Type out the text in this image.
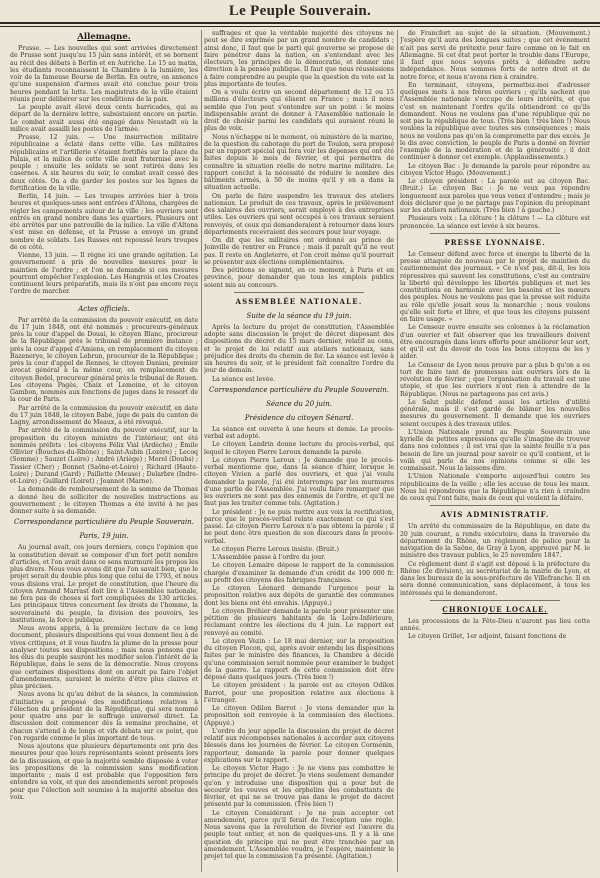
Le Peuple Souverain.
Allemagne.

Prusse. — Les nouvelles qui sont arrivées directement de Prusse sont jusqu'au 15 juin sans intérêt, et se bornent au récit des débats à Berlin et en Autriche. Le 15 au matin, les étudiants reconnaissent la Chambre à la lumière, les voir de la fameuse Bourse de Berlin. En outre, on annonce qu'une suspension d'armes avait été conclue pour trois heures pendant la lutte. Les magistrats de la ville étaient réunis pour délibérer sur les conditions de la paix.

Le peuple avait élevé deux cents barricades, qui au départ de la dernière lettre, subsistaient encore en partie. Le combat avait aussi été engagé dans Neustadt où la milice avait assailli les postes de l'armée.

Prusse, 12 juin. — Une insurrection militaire républicaine a éclaté dans cette ville. Les militaires républicains et l'artillerie s'étaient fortifiés sur la place du Palais, et la milice de cette ville avait fraternisé avec le peuple ; ensuite les soldats se sont retirés dans les casernes. A six heures du soir, le combat avait cessé des deux côtés. On a du garder les postes sur les lignes de fortification de la ville.

Berlin, 14 juin. — Les troupes arrivées hier à trois heures et quelques-unes sont entrées d'Altona, chargées de régler les campements autour de la ville ; les ouvriers sont entrés en grand nombre dans les quartiers. Plusieurs ont été arrêtés par une patrouille de la milice. La ville d'Altona s'est mise en défense, et la Prusse a envoyé un grand nombre de soldats. Les Russes ont repoussé leurs troupes de ce côté.

Vienne, 13 juin. — Il règne ici une grande agitation. Le gouvernement a pris de nouvelles mesures pour le maintien de l'ordre ; et l'on se demande si ces mesures pourront empêcher l'explosion. Les Hongrois et les Croates continuent leurs préparatifs, mais ils n'ont pas encore reçu l'ordre de marcher.

Actes officiels.

Par arrêté de la commission du pouvoir exécutif, en date du 17 juin 1848, ont été nommés : procureurs-généraux près la cour d'appel de Douai, le citoyen Blanc, procureur de la République près le tribunal de première instance ; près la cour d'appel d'Amiens, en remplacement du citoyen Bazenerye, le citoyen Lebrun, procureur de la République ; près la cour d'appel de Rennes, le citoyen Daniau, premier avocat général à la même cour, en remplacement du citoyen Bedel, procureur général près le tribunal de Rouen. Les citoyens Pagès, Chaix et Lemoine, et le citoyen Gambon, nommés aux fonctions de juges dans le ressort de la cour de Paris.

Par arrêté de la commission du pouvoir exécutif, en date du 17 juin 1848, le citoyen Babé, juge de paix du canton de Lagny, arrondissement de Meaux, a été révoqué.

Par arrêté de la commission du pouvoir exécutif, sur la proposition du citoyen ministre de l'intérieur, ont été nommés préfets : les citoyens Félix Vial (Ardèche) ; Émile Ollivier (Bouches-du-Rhône) ; Saint-Aubin (Lozère) ; Lecoq (Somme) ; Sauzet (Loire) ; André (Ariège) ; Morel (Doubs) ; Tissier (Cher) ; Bonnet (Saône-et-Loire) ; Richard (Haute-Loire) ; Durand (Gard) ; Paillette (Meuse) ; Delarbre (Indre-et-Loire) ; Guillard (Loiret) ; Jeannot (Marne).

La demande de remboursement de la somme de Thomas a donné lieu de solliciter de nouvelles instructions au gouvernement ; le citoyen Thomas a été invité à ne pas donner suite à sa demande.

Correspondance particulière du Peuple Souverain.
Paris, 19 juin.

Au journal avait, ces jours derniers, conçu l'opinion que la constitution devait se composer d'un fort petit nombre d'articles, et l'on avait dans ce sens murmuré les propos les plus divers. Nous vous avons dit que l'on savait bien, que le projet serait du double plus long que celui de 1793, et nous vous disions vrai. Le projet de constitution, que l'heure du citoyen Armand Marrast doit lire à l'Assemblée nationale, ne fera pas de choses si fort compliquées de 130 articles. Les principaux titres concernent les droits de l'homme, la souveraineté du peuple, la division des pouvoirs, les institutions, la force publique.

Nous avons appris, à la première lecture de ce long document, plusieurs dispositions qui vous donnent lieu à de vives critiques, et il vous faudra la plume de la presse pour analyser toutes ses dispositions ; mais nous pensons que les élus du peuple sauront les modifier selon l'intérêt de la République, dans le sens de la démocratie. Nous croyons que certaines dispositions dont on aurait pu faire l'objet d'amendements, auraient le mérite d'être plus claires et plus précises.

Nous avons lu qu'au début de la séance, la commission d'initiative a proposé des modifications relatives à l'élection du président de la République, qui sera nommé pour quatre ans par le suffrage universel direct. La discussion doit commencer dès la semaine prochaine, et chacun s'attend à de longs et vifs débats sur ce point, que l'on regarde comme le plus important de tous.

Nous ajoutons que plusieurs départements ont pris des mesures pour que leurs représentants soient présents lors de la discussion, et que la majorité semble disposée à voter les propositions de la commission sans modification importante ; mais il est probable que l'opposition fera entendre sa voix, et que des amendements seront proposés pour que l'élection soit soumise à la majorité absolue des voix.

suffrages et que la véritable majorité des citoyens ne peut se dire exprimée par un grand nombre de candidats ; ainsi donc, il faut que le parti qui gouverne se propose de faire pénétrer dans la nation, en s'entendant avec les électeurs, les principes de la démocratie, et donner une direction à la pensée publique. Il faut que nous réussissions à faire comprendre au peuple que la question du vote est la plus importante de toutes.

On a voulu écrire un second département de 12 ou 15 millions d'électeurs qui élisent en France ; mais il nous semble que l'on peut s'entendre sur un point : le moins indispensable avant de donner à l'Assemblée nationale le droit de choisir parmi les candidats qui auraient réuni le plus de voix.

Nous n'échappe ni le moment, où ministère de la marine, de la question du cabotage du port de Toulon, sera proposé par un rapport spécial qui fera voir les dépenses qui ont été faites depuis le mois de février, et qui permettra de connaître la situation réelle de notre marine militaire. Le rapport conclut à la nécessité de réduire le nombre des bâtiments armés, à 50 de moins qu'il y en a dans la situation actuelle.

On parle de faire suspendre les travaux des ateliers nationaux. Le produit de ces travaux, après le prélèvement des salaires des ouvriers, serait employé à des entreprises utiles. Les ouvriers qui sont occupés à ces travaux seraient renvoyés, et ceux qui demanderaient à retourner dans leurs départements recevraient des secours pour leur voyage.

On dit que les militaires ont ordonné au prince de Joinville de rentrer en France ; mais il paraît qu'il ne veut pas. Il reste en Angleterre, et l'on croit même qu'il pourrait se présenter aux élections complémentaires.

Des pétitions se signent, en ce moment, à Paris et en province, pour demander que tous les emplois publics soient mis au concours.

ASSEMBLÉE NATIONALE.
Suite de la séance du 19 juin.

Après la lecture du projet de constitution, l'Assemblée adopte sans discussion le projet de décret disposant des dispositions du décret du 15 mars dernier, relatif au cens, et le projet de loi relatif aux ateliers nationaux, sans préjudice des droits du chemin de fer. La séance est levée à six heures du soir, et le président fait connaître l'ordre du jour de demain.

La séance est levée.

Correspondance particulière du Peuple Souverain.
Séance du 20 juin.
Présidence du citoyen Sénard.

La séance est ouverte à une heure et demie. Le procès-verbal est adopté.

Le citoyen Landrin donne lecture du procès-verbal, qui lequel le citoyen Pierre Leroux demande la parole.

Le citoyen Pierre Leroux : Je demande que le procès-verbal mentionne que, dans la séance d'hier, lorsque le citoyen Vivien a parlé des ouvriers, et que j'ai voulu demander la parole, j'ai été interrompu par les murmures d'une partie de l'Assemblée. J'ai voulu faire remarquer que les ouvriers ne sont pas des ennemis de l'ordre, et qu'il ne faut pas les traiter comme tels. (Agitation.)

Le président : Je ne puis mettre aux voix la rectification, parce que le procès-verbal relate exactement ce qui s'est passé. Le citoyen Pierre Leroux n'a pas obtenu la parole ; il ne peut donc être question de son discours dans le procès-verbal.

Le citoyen Pierre Leroux insiste. (Bruit.)

L'Assemblée passe à l'ordre du jour.

Le citoyen Lemaire dépose le rapport de la commission chargée d'examiner la demande d'un crédit de 100 000 fr. au profit des citoyens des fabriques françaises.

Le citoyen Léonard demande l'urgence pour la proposition relative aux dépôts de garantie des communes dont les biens ont été envahis. (Appuyé.)

Le citoyen Bréhier demande la parole pour présenter une pétition de plusieurs habitants de la Loire-Inférieure, réclamant contre les élections du 4 juin. Le rapport est renvoyé au comité.

Le citoyen Vezin : Le 18 mai dernier, sur la proposition du citoyen Flocon, qui, après avoir entendu les dispositions faites par le ministre des finances, la Chambre a décidé qu'une commission serait nommée pour examiner le budget de la guerre. Le rapport de cette commission doit être déposé dans quelques jours. (Très bien !)

Le citoyen président : la parole est au citoyen Odilon Barrot, pour une proposition relative aux élections à l'étranger.

Le citoyen Odilon Barrot : Je viens demander que la proposition soit renvoyée à la commission des élections. (Appuyé.)

L'ordre du jour appelle la discussion du projet de décret relatif aux récompenses nationales à accorder aux citoyens blessés dans les journées de février. Le citoyen Cormenin, rapporteur, demande la parole pour donner quelques explications sur le rapport.

Le citoyen Victor Hugo : Je ne viens pas combattre le principe du projet de décret. Je viens seulement demander qu'on y introduise une disposition qui a pour but de secourir les veuves et les orphelins des combattants de février, et qui ne se trouve pas dans le projet de décret présenté par la commission. (Très bien !)

Le citoyen Considérant : Je ne puis accepter cet amendement, parce qu'il ferait de l'exception une règle. Nous savons que la révolution de février est l'œuvre du peuple tout entier, et non de quelques-uns. Il y a là une question de principe qui ne peut être tranchée par un amendement. L'Assemblée voudra, je l'espère, maintenir le projet tel que la commission l'a présenté. (Agitation.)

de Francfort au sujet de la situation. (Mouvement.) J'espère qu'il aura des longues suites ; que cet événement n'ait pas servi de prétexte pour faire comme on le fait en Allemagne. Si cet état peut porter le trouble dans l'Europe, il faut que nous soyons prêts à défendre notre indépendance. Nous sommes forts de notre droit et de notre force, et nous n'avons rien à craindre.

En terminant, citoyens, permettez-moi d'adresser quelques mots à nos frères ouvriers ; qu'ils sachent que l'Assemblée nationale s'occupe de leurs intérêts, et que c'est en maintenant l'ordre qu'ils obtiendront ce qu'ils demandent. Nous ne voulons pas d'une république qui ne soit pas la république de tous. (Très bien ! très bien !) Nous voulons la république avec toutes ses conséquences ; mais nous ne voulons pas qu'on la compromette par des excès. Je le dis avec conviction, le peuple de Paris a donné en février l'exemple de la modération et de la générosité ; il doit continuer à donner cet exemple. (Applaudissements.)

Le citoyen Bac : Je demande la parole pour répondre au citoyen Victor Hugo. (Mouvement.)

Le citoyen président : La parole est au citoyen Bac. (Bruit.) Le citoyen Bac : Je ne veux pas répondre longuement aux paroles que vous venez d'entendre ; mais je dois déclarer que je ne partage pas l'opinion du préopinant sur les ateliers nationaux. (Très bien ! à gauche.)

Plusieurs voix : La clôture ! la clôture ! — La clôture est prononcée. La séance est levée à six heures.

PRESSE LYONNAISE.

Le Censeur défend avec force et énergie la liberté de la presse attaquée de nouveau par le projet de maintien du cautionnement des journaux. « Ce n'est pas, dit-il, les lois répressives qui sauvent les constitutions, c'est au contraire la liberté qui développe les libertés publiques et met les constitutions en harmonie avec les besoins et les mœurs des peuples. Nous ne voulons pas que la presse soit réduite au rôle qu'elle jouait sous la monarchie ; nous voulons qu'elle soit forte et libre, et que tous les citoyens puissent en faire usage. »

Le Censeur ouvre ensuite ses colonnes à la réclamation d'un ouvrier et fait observer que les travailleurs doivent être encouragés dans leurs efforts pour améliorer leur sort, et qu'il est du devoir de tous les bons citoyens de les y aider.

Le Censeur de Lyon nous prouve par a plus b qu'on a eu tort de faire tant de promesses aux ouvriers lors de la révolution de février ; que l'organisation du travail est une utopie, et que les ouvriers n'ont rien à attendre de la République. (Nous ne partageons pas cet avis.)

Le Salut public défend aussi les articles d'utilité générale, mais il s'est gardé de blâmer les nouvelles mesures du gouvernement. Il demande que les ouvriers soient occupés à des travaux utiles.

L'Union Nationale prend au Peuple Souverain une kyrielle de petites expressions qu'elle s'imagine de trouver dans nos colonnes ; il est vrai que la sainte feuille n'a pas besoin de lire un journal pour savoir ce qu'il contient, et le voilà qui parle de nos opinions comme si elle les connaissait. Nous la laissons dire.

L'Union Nationale s'emporte aujourd'hui contre les républicains de la veille ; elle les accuse de tous les maux. Nous lui répondrons que la République n'a rien à craindre de ceux qui l'ont faite, mais de ceux qui veulent la défaire.

AVIS ADMINISTRATIF.

Un arrêté du commissaire de la République, en date du 20 juin courant, a rendu exécutoire, dans la traversée du département du Rhône, un règlement de police pour la navigation de la Saône, de Gray à Lyon, approuvé par M. le ministre des travaux publics, le 25 novembre 1847.

Ce règlement dont il s'agit est déposé à la préfecture du Rhône (2e division), au secrétariat de la mairie de Lyon, et dans les bureaux de la sous-préfecture de Villefranche. Il en sera donné communication, sans déplacement, à tous les intéressés qui le demanderont.

CHRONIQUE LOCALE.

Les processions de la Fête-Dieu n'auront pas lieu cette année.

Le citoyen Grillet, 1er adjoint, faisant fonctions de
